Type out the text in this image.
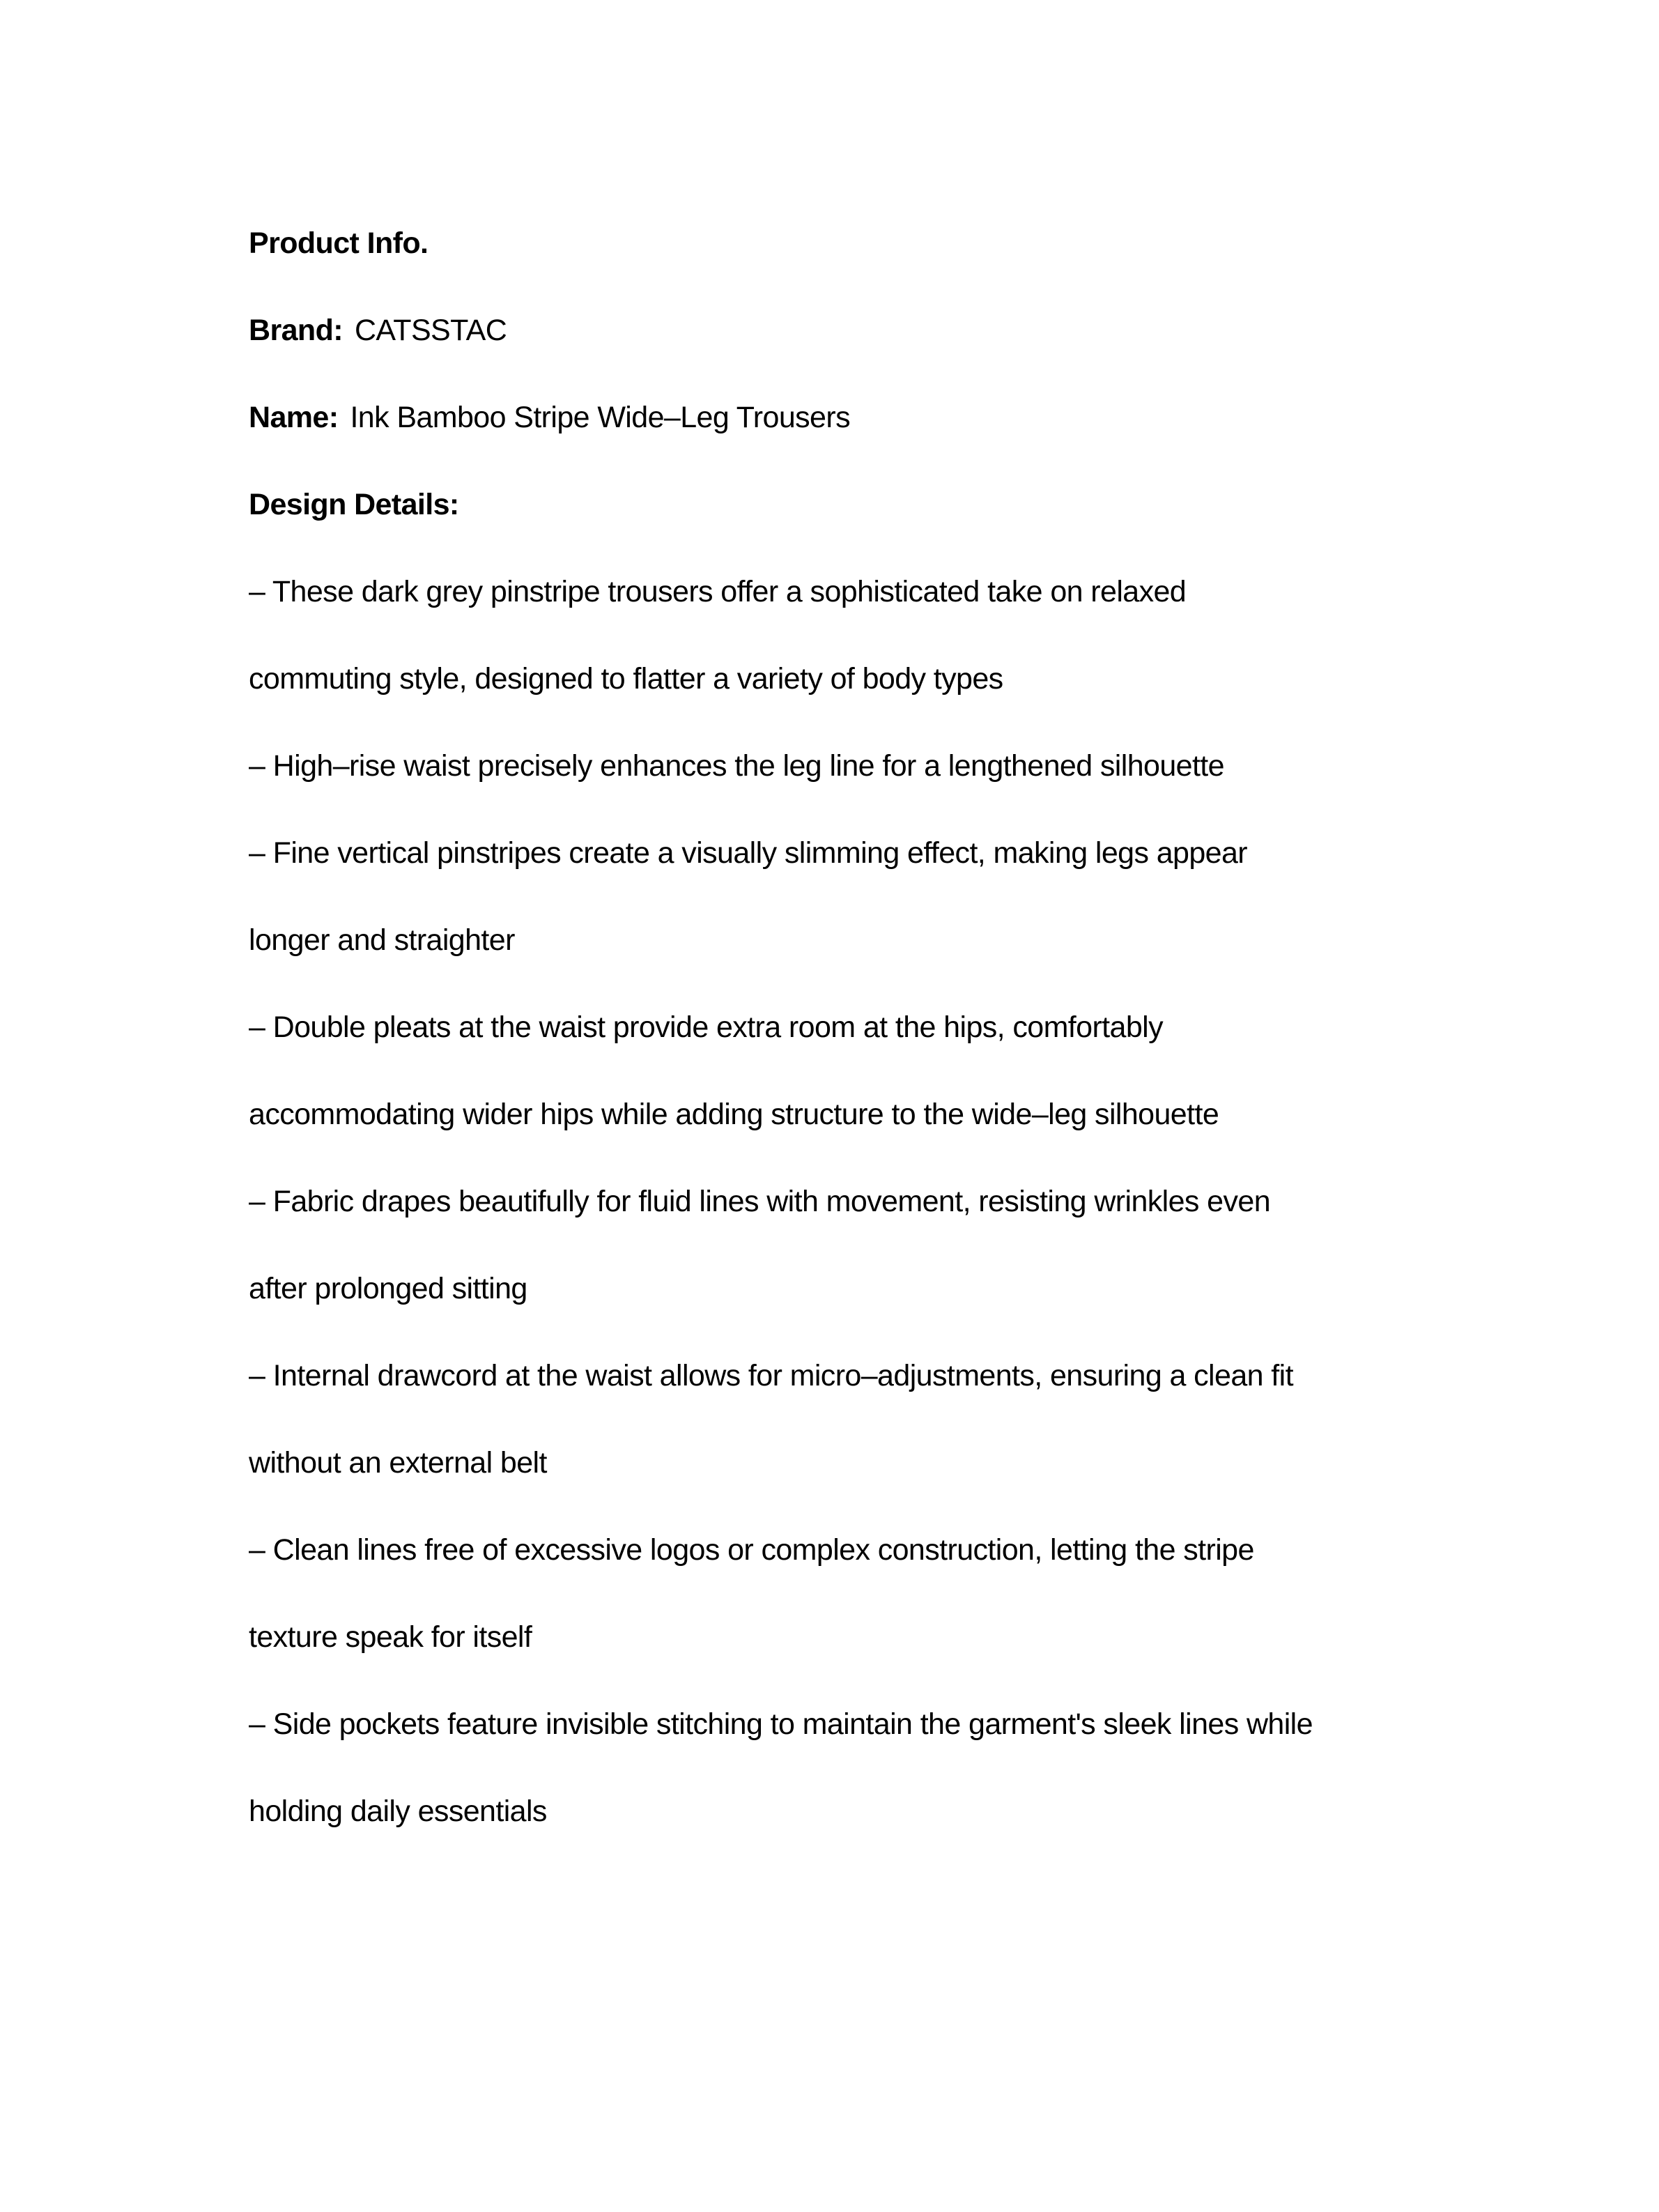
Product Info.
Brand: CATSSTAC
Name: Ink Bamboo Stripe Wide–Leg Trousers
Design Details:
– These dark grey pinstripe trousers offer a sophisticated take on relaxed
commuting style, designed to flatter a variety of body types
– High–rise waist precisely enhances the leg line for a lengthened silhouette
– Fine vertical pinstripes create a visually slimming effect, making legs appear
longer and straighter
– Double pleats at the waist provide extra room at the hips, comfortably
accommodating wider hips while adding structure to the wide–leg silhouette
– Fabric drapes beautifully for fluid lines with movement, resisting wrinkles even
after prolonged sitting
– Internal drawcord at the waist allows for micro–adjustments, ensuring a clean fit
without an external belt
– Clean lines free of excessive logos or complex construction, letting the stripe
texture speak for itself
– Side pockets feature invisible stitching to maintain the garment's sleek lines while
holding daily essentials
